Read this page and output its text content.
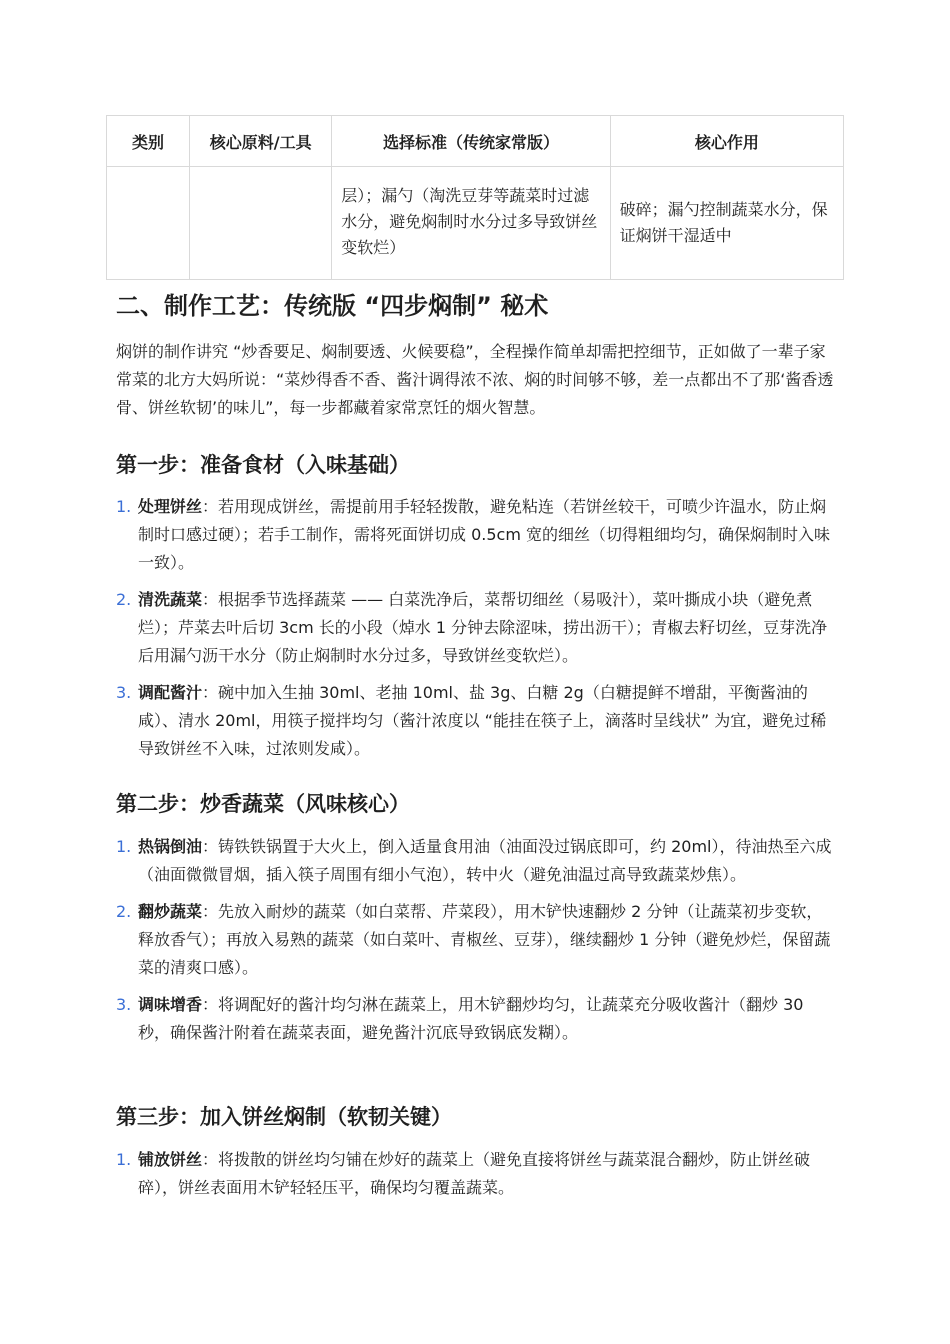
类别	核心原料/工具	选择标准（传统家常版）	核心作用
		层）；漏勺（淘洗豆芽等蔬菜时过滤水分，避免焖制时水分过多导致饼丝变软烂）	破碎；漏勺控制蔬菜水分，保证焖饼干湿适中
二、制作工艺：传统版 “四步焖制” 秘术

焖饼的制作讲究 “炒香要足、焖制要透、火候要稳”，全程操作简单却需把控细节，正如做了一辈子家常菜的北方大妈所说：“菜炒得香不香、酱汁调得浓不浓、焖的时间够不够，差一点都出不了那‘酱香透骨、饼丝软韧’的味儿”，每一步都藏着家常烹饪的烟火智慧。

第一步：准备食材（入味基础）
1. 处理饼丝：若用现成饼丝，需提前用手轻轻拨散，避免粘连（若饼丝较干，可喷少许温水，防止焖制时口感过硬）；若手工制作，需将死面饼切成 0.5cm 宽的细丝（切得粗细均匀，确保焖制时入味一致）。
2. 清洗蔬菜：根据季节选择蔬菜 —— 白菜洗净后，菜帮切细丝（易吸汁），菜叶撕成小块（避免煮烂）；芹菜去叶后切 3cm 长的小段（焯水 1 分钟去除涩味，捞出沥干）；青椒去籽切丝，豆芽洗净后用漏勺沥干水分（防止焖制时水分过多，导致饼丝变软烂）。
3. 调配酱汁：碗中加入生抽 30ml、老抽 10ml、盐 3g、白糖 2g（白糖提鲜不增甜，平衡酱油的咸）、清水 20ml，用筷子搅拌均匀（酱汁浓度以 “能挂在筷子上，滴落时呈线状” 为宜，避免过稀导致饼丝不入味，过浓则发咸）。
第二步：炒香蔬菜（风味核心）
1. 热锅倒油：铸铁铁锅置于大火上，倒入适量食用油（油面没过锅底即可，约 20ml），待油热至六成（油面微微冒烟，插入筷子周围有细小气泡），转中火（避免油温过高导致蔬菜炒焦）。
2. 翻炒蔬菜：先放入耐炒的蔬菜（如白菜帮、芹菜段），用木铲快速翻炒 2 分钟（让蔬菜初步变软，释放香气）；再放入易熟的蔬菜（如白菜叶、青椒丝、豆芽），继续翻炒 1 分钟（避免炒烂，保留蔬菜的清爽口感）。
3. 调味增香：将调配好的酱汁均匀淋在蔬菜上，用木铲翻炒均匀，让蔬菜充分吸收酱汁（翻炒 30 秒，确保酱汁附着在蔬菜表面，避免酱汁沉底导致锅底发糊）。
第三步：加入饼丝焖制（软韧关键）
1. 铺放饼丝：将拨散的饼丝均匀铺在炒好的蔬菜上（避免直接将饼丝与蔬菜混合翻炒，防止饼丝破碎），饼丝表面用木铲轻轻压平，确保均匀覆盖蔬菜。
